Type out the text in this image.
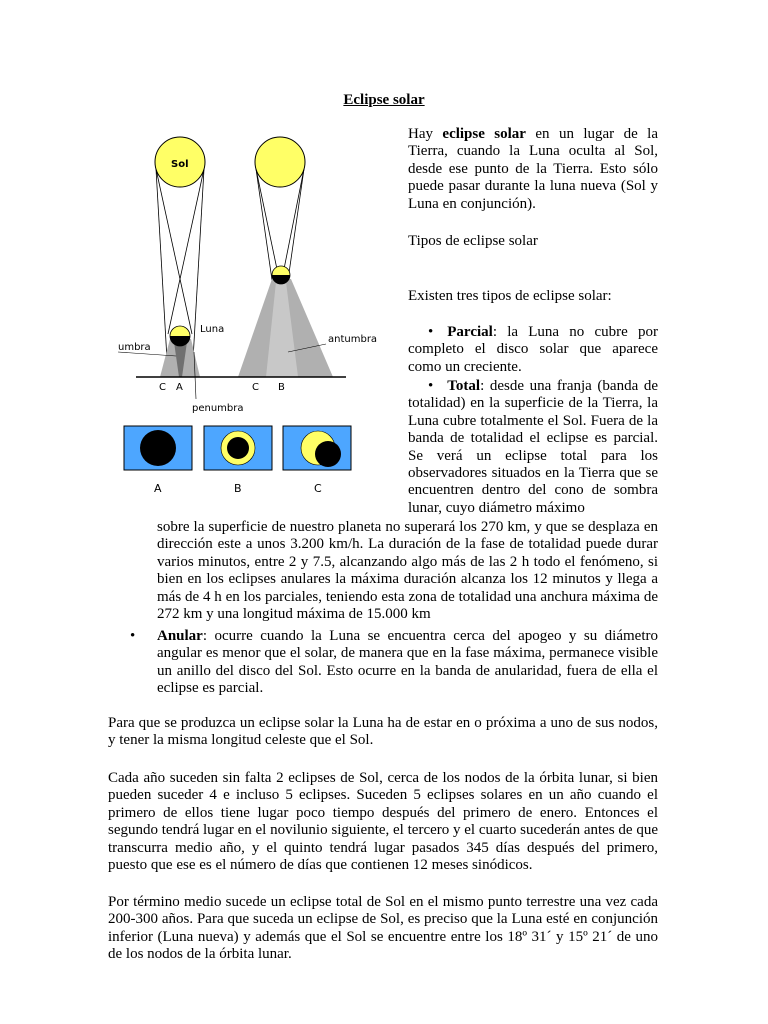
Eclipse solar
Sol
Luna
umbra
penumbra
antumbra
C A	C B
A	B	C
Hay eclipse solar en un lugar de la Tierra, cuando la Luna oculta al Sol, desde ese punto de la Tierra. Esto sólo puede pasar durante la luna nueva (Sol y Luna en conjunción).
Tipos de eclipse solar
Existen tres tipos de eclipse solar:
• Parcial: la Luna no cubre por completo el disco solar que aparece como un creciente.
• Total: desde una franja (banda de totalidad) en la superficie de la Tierra, la Luna cubre totalmente el Sol. Fuera de la banda de totalidad el eclipse es parcial. Se verá un eclipse total para los observadores situados en la Tierra que se encuentren dentro del cono de sombra lunar, cuyo diámetro máximo
sobre la superficie de nuestro planeta no superará los 270 km, y que se desplaza en dirección este a unos 3.200 km/h. La duración de la fase de totalidad puede durar varios minutos, entre 2 y 7.5, alcanzando algo más de las 2 h todo el fenómeno, si bien en los eclipses anulares la máxima duración alcanza los 12 minutos y llega a más de 4 h en los parciales, teniendo esta zona de totalidad una anchura máxima de 272 km y una longitud máxima de 15.000 km
• Anular: ocurre cuando la Luna se encuentra cerca del apogeo y su diámetro angular es menor que el solar, de manera que en la fase máxima, permanece visible un anillo del disco del Sol. Esto ocurre en la banda de anularidad, fuera de ella el eclipse es parcial.
Para que se produzca un eclipse solar la Luna ha de estar en o próxima a uno de sus nodos, y tener la misma longitud celeste que el Sol.
Cada año suceden sin falta 2 eclipses de Sol, cerca de los nodos de la órbita lunar, si bien pueden suceder 4 e incluso 5 eclipses. Suceden 5 eclipses solares en un año cuando el primero de ellos tiene lugar poco tiempo después del primero de enero. Entonces el segundo tendrá lugar en el novilunio siguiente, el tercero y el cuarto sucederán antes de que transcurra medio año, y el quinto tendrá lugar pasados 345 días después del primero, puesto que ese es el número de días que contienen 12 meses sinódicos.
Por término medio sucede un eclipse total de Sol en el mismo punto terrestre una vez cada 200-300 años. Para que suceda un eclipse de Sol, es preciso que la Luna esté en conjunción inferior (Luna nueva) y además que el Sol se encuentre entre los 18º 31´ y 15º 21´ de uno de los nodos de la órbita lunar.
